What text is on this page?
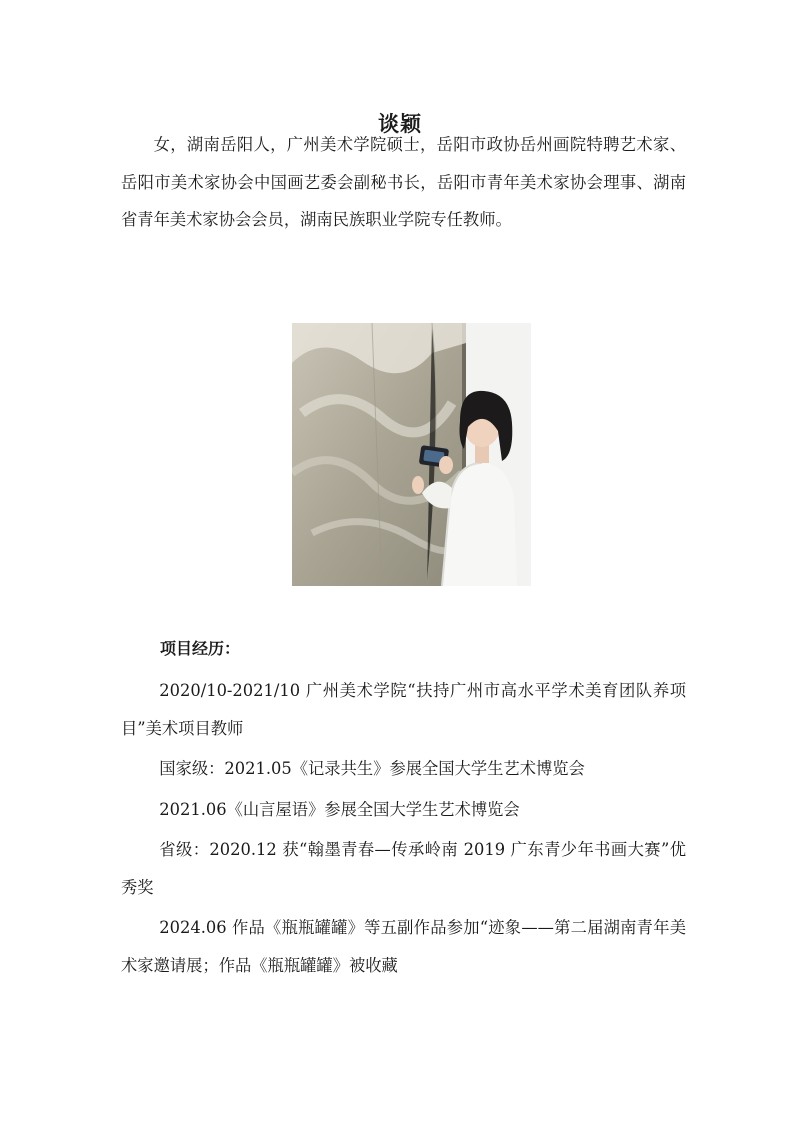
谈颖

女，湖南岳阳人，广州美术学院硕士，岳阳市政协岳州画院特聘艺术家、岳阳市美术家协会中国画艺委会副秘书长，岳阳市青年美术家协会理事、湖南省青年美术家协会会员，湖南民族职业学院专任教师。

项目经历：
2020/10-2021/10 广州美术学院“扶持广州市高水平学术美育团队养项目”美术项目教师
国家级：2021.05《记录共生》参展全国大学生艺术博览会
2021.06《山言屋语》参展全国大学生艺术博览会
省级：2020.12 获“翰墨青春—传承岭南 2019 广东青少年书画大赛”优秀奖
2024.06 作品《瓶瓶罐罐》等五副作品参加“迹象——第二届湖南青年美术家邀请展；作品《瓶瓶罐罐》被收藏
